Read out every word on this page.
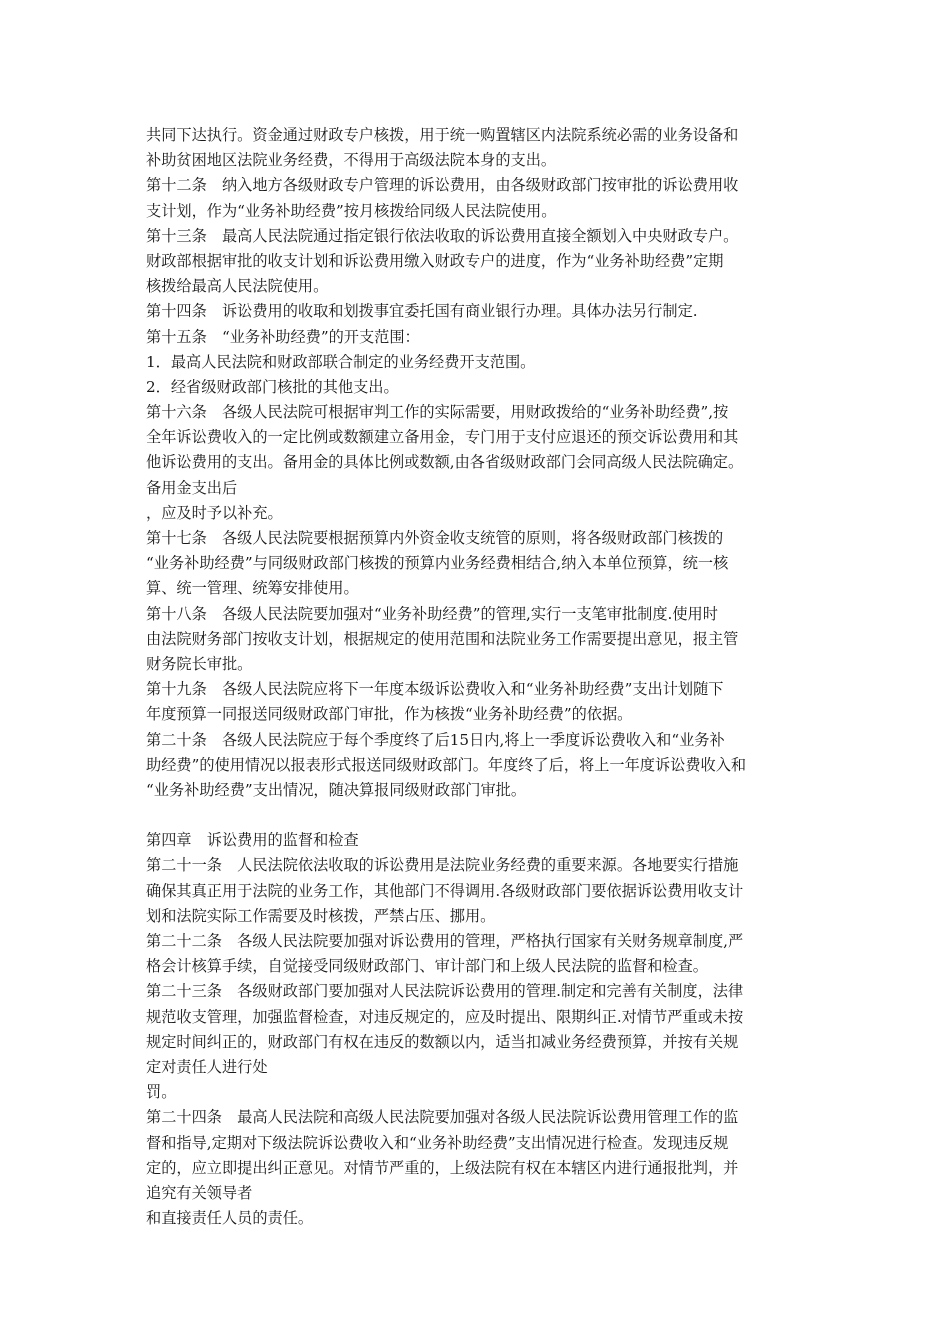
共同下达执行。资金通过财政专户核拨，用于统一购置辖区内法院系统必需的业务设备和
补助贫困地区法院业务经费，不得用于高级法院本身的支出。
第十二条　纳入地方各级财政专户管理的诉讼费用，由各级财政部门按审批的诉讼费用收
支计划，作为“业务补助经费”按月核拨给同级人民法院使用。
第十三条　最高人民法院通过指定银行依法收取的诉讼费用直接全额划入中央财政专户。
财政部根据审批的收支计划和诉讼费用缴入财政专户的进度，作为“业务补助经费”定期
核拨给最高人民法院使用。
第十四条　诉讼费用的收取和划拨事宜委托国有商业银行办理。具体办法另行制定.
第十五条　“业务补助经费”的开支范围：
1．最高人民法院和财政部联合制定的业务经费开支范围。
2．经省级财政部门核批的其他支出。
第十六条　各级人民法院可根据审判工作的实际需要，用财政拨给的“业务补助经费”,按
全年诉讼费收入的一定比例或数额建立备用金，专门用于支付应退还的预交诉讼费用和其
他诉讼费用的支出。备用金的具体比例或数额,由各省级财政部门会同高级人民法院确定。
备用金支出后
，应及时予以补充。
第十七条　各级人民法院要根据预算内外资金收支统管的原则，将各级财政部门核拨的
“业务补助经费”与同级财政部门核拨的预算内业务经费相结合,纳入本单位预算，统一核
算、统一管理、统筹安排使用。
第十八条　各级人民法院要加强对“业务补助经费”的管理,实行一支笔审批制度.使用时
由法院财务部门按收支计划，根据规定的使用范围和法院业务工作需要提出意见，报主管
财务院长审批。
第十九条　各级人民法院应将下一年度本级诉讼费收入和“业务补助经费”支出计划随下
年度预算一同报送同级财政部门审批，作为核拨“业务补助经费”的依据。
第二十条　各级人民法院应于每个季度终了后15日内,将上一季度诉讼费收入和“业务补
助经费”的使用情况以报表形式报送同级财政部门。年度终了后，将上一年度诉讼费收入和
“业务补助经费”支出情况，随决算报同级财政部门审批。
第四章　诉讼费用的监督和检查
第二十一条　人民法院依法收取的诉讼费用是法院业务经费的重要来源。各地要实行措施
确保其真正用于法院的业务工作，其他部门不得调用.各级财政部门要依据诉讼费用收支计
划和法院实际工作需要及时核拨，严禁占压、挪用。
第二十二条　各级人民法院要加强对诉讼费用的管理，严格执行国家有关财务规章制度,严
格会计核算手续，自觉接受同级财政部门、审计部门和上级人民法院的监督和检查。
第二十三条　各级财政部门要加强对人民法院诉讼费用的管理.制定和完善有关制度，法律
规范收支管理，加强监督检查，对违反规定的，应及时提出、限期纠正.对情节严重或未按
规定时间纠正的，财政部门有权在违反的数额以内，适当扣减业务经费预算，并按有关规
定对责任人进行处
罚。
第二十四条　最高人民法院和高级人民法院要加强对各级人民法院诉讼费用管理工作的监
督和指导,定期对下级法院诉讼费收入和“业务补助经费”支出情况进行检查。发现违反规
定的，应立即提出纠正意见。对情节严重的，上级法院有权在本辖区内进行通报批判，并
追究有关领导者
和直接责任人员的责任。
